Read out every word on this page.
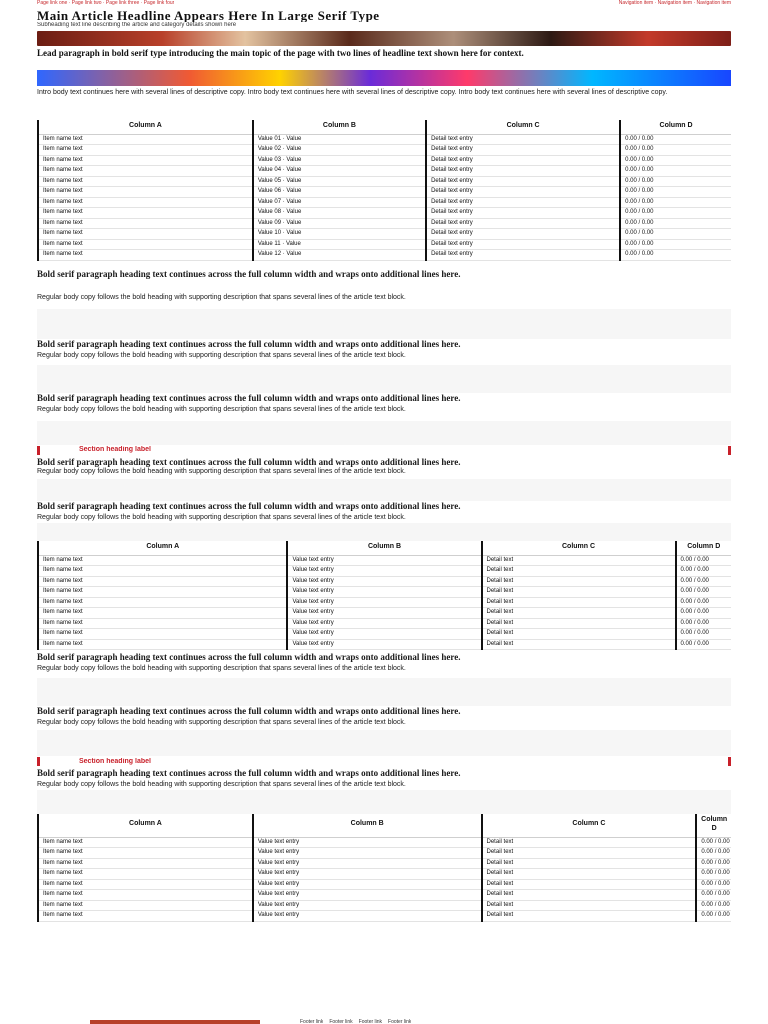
Page link one · Page link two · Page link three · Page link four	Navigation item · Navigation item · Navigation item
Main Article Headline Appears Here In Large Serif Type
Subheading text line describing the article and category details shown here
Lead paragraph in bold serif type introducing the main topic of the page with two lines of headline text shown here for context.
Intro body text continues here with several lines of descriptive copy. Intro body text continues here with several lines of descriptive copy. Intro body text continues here with several lines of descriptive copy.
Column A	Column B	Column C	Column D
Item name text	Value 01 · Value	Detail text entry	0.00 / 0.00
Item name text	Value 02 · Value	Detail text entry	0.00 / 0.00
Item name text	Value 03 · Value	Detail text entry	0.00 / 0.00
Item name text	Value 04 · Value	Detail text entry	0.00 / 0.00
Item name text	Value 05 · Value	Detail text entry	0.00 / 0.00
Item name text	Value 06 · Value	Detail text entry	0.00 / 0.00
Item name text	Value 07 · Value	Detail text entry	0.00 / 0.00
Item name text	Value 08 · Value	Detail text entry	0.00 / 0.00
Item name text	Value 09 · Value	Detail text entry	0.00 / 0.00
Item name text	Value 10 · Value	Detail text entry	0.00 / 0.00
Item name text	Value 11 · Value	Detail text entry	0.00 / 0.00
Item name text	Value 12 · Value	Detail text entry	0.00 / 0.00
Bold serif paragraph heading text continues across the full column width and wraps onto additional lines here.
Regular body copy follows the bold heading with supporting description that spans several lines of the article text block.
Bold serif paragraph heading text continues across the full column width and wraps onto additional lines here.
Regular body copy follows the bold heading with supporting description that spans several lines of the article text block.
Bold serif paragraph heading text continues across the full column width and wraps onto additional lines here.
Regular body copy follows the bold heading with supporting description that spans several lines of the article text block.
Section heading label
Bold serif paragraph heading text continues across the full column width and wraps onto additional lines here.
Regular body copy follows the bold heading with supporting description that spans several lines of the article text block.
Bold serif paragraph heading text continues across the full column width and wraps onto additional lines here.
Regular body copy follows the bold heading with supporting description that spans several lines of the article text block.
Column A	Column B	Column C	Column D
Item name text	Value text entry	Detail text	0.00 / 0.00
Item name text	Value text entry	Detail text	0.00 / 0.00
Item name text	Value text entry	Detail text	0.00 / 0.00
Item name text	Value text entry	Detail text	0.00 / 0.00
Item name text	Value text entry	Detail text	0.00 / 0.00
Item name text	Value text entry	Detail text	0.00 / 0.00
Item name text	Value text entry	Detail text	0.00 / 0.00
Item name text	Value text entry	Detail text	0.00 / 0.00
Item name text	Value text entry	Detail text	0.00 / 0.00
Bold serif paragraph heading text continues across the full column width and wraps onto additional lines here.
Regular body copy follows the bold heading with supporting description that spans several lines of the article text block.
Bold serif paragraph heading text continues across the full column width and wraps onto additional lines here.
Regular body copy follows the bold heading with supporting description that spans several lines of the article text block.
Section heading label
Bold serif paragraph heading text continues across the full column width and wraps onto additional lines here.
Regular body copy follows the bold heading with supporting description that spans several lines of the article text block.
Column A	Column B	Column C	Column D
Item name text	Value text entry	Detail text	0.00 / 0.00
Item name text	Value text entry	Detail text	0.00 / 0.00
Item name text	Value text entry	Detail text	0.00 / 0.00
Item name text	Value text entry	Detail text	0.00 / 0.00
Item name text	Value text entry	Detail text	0.00 / 0.00
Item name text	Value text entry	Detail text	0.00 / 0.00
Item name text	Value text entry	Detail text	0.00 / 0.00
Item name text	Value text entry	Detail text	0.00 / 0.00
Footer link Footer link Footer link Footer link
